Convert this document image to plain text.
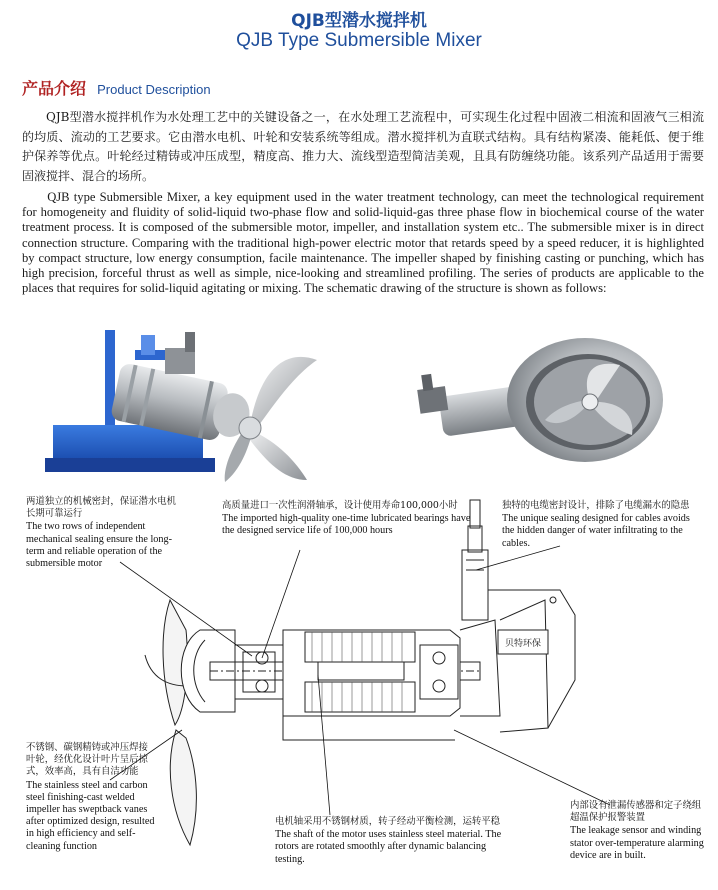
QJB型潜水搅拌机
QJB Type Submersible Mixer
产品介绍 Product Description

QJB型潜水搅拌机作为水处理工艺中的关键设备之一，在水处理工艺流程中，可实现生化过程中固液二相流和固液气三相流的均质、流动的工艺要求。它由潜水电机、叶轮和安装系统等组成。潜水搅拌机为直联式结构。具有结构紧凑、能耗低、便于维护保养等优点。叶轮经过精铸或冲压成型，精度高、推力大、流线型造型简洁美观，且具有防缠绕功能。该系列产品适用于需要固液搅拌、混合的场所。

QJB type Submersible Mixer, a key equipment used in the water treatment technology, can meet the technological requirement for homogeneity and fluidity of solid-liquid two-phase flow and solid-liquid-gas three phase flow in biochemical course of the water treatment process. It is composed of the submersible motor, impeller, and installation system etc.. The submersible mixer is in direct connection structure. Comparing with the traditional high-power electric motor that retards speed by a speed reducer, it is highlighted by compact structure, low energy consumption, facile maintenance. The impeller shaped by finishing casting or punching, which has high precision, forceful thrust as well as simple, nice-looking and streamlined profiling. The series of products are applicable to the places that requires for solid-liquid agitating or mixing. The schematic drawing of the structure is shown as follows:

贝特环保
两道独立的机械密封，保证潜水电机长期可靠运行
The two rows of independent mechanical sealing ensure the long-term and reliable operation of the submersible motor
高质量进口一次性润滑轴承，设计使用寿命100,000小时
The imported high-quality one-time lubricated bearings have the designed service life of 100,000 hours
独特的电缆密封设计，排除了电缆漏水的隐患
The unique sealing designed for cables avoids the hidden danger of water infiltrating to the cables.
不锈钢、碳钢精铸或冲压焊接叶轮，经优化设计叶片呈后掠式，效率高，具有自洁功能
The stainless steel and carbon steel finishing-cast welded impeller has sweptback vanes after optimized design, resulted in high efficiency and self-cleaning function
电机轴采用不锈钢材质，转子经动平衡检测，运转平稳
The shaft of the motor uses stainless steel material. The rotors are rotated smoothly after dynamic balancing testing.
内部设有泄漏传感器和定子绕组超温保护报警装置
The leakage sensor and winding stator over-temperature alarming device are in built.
